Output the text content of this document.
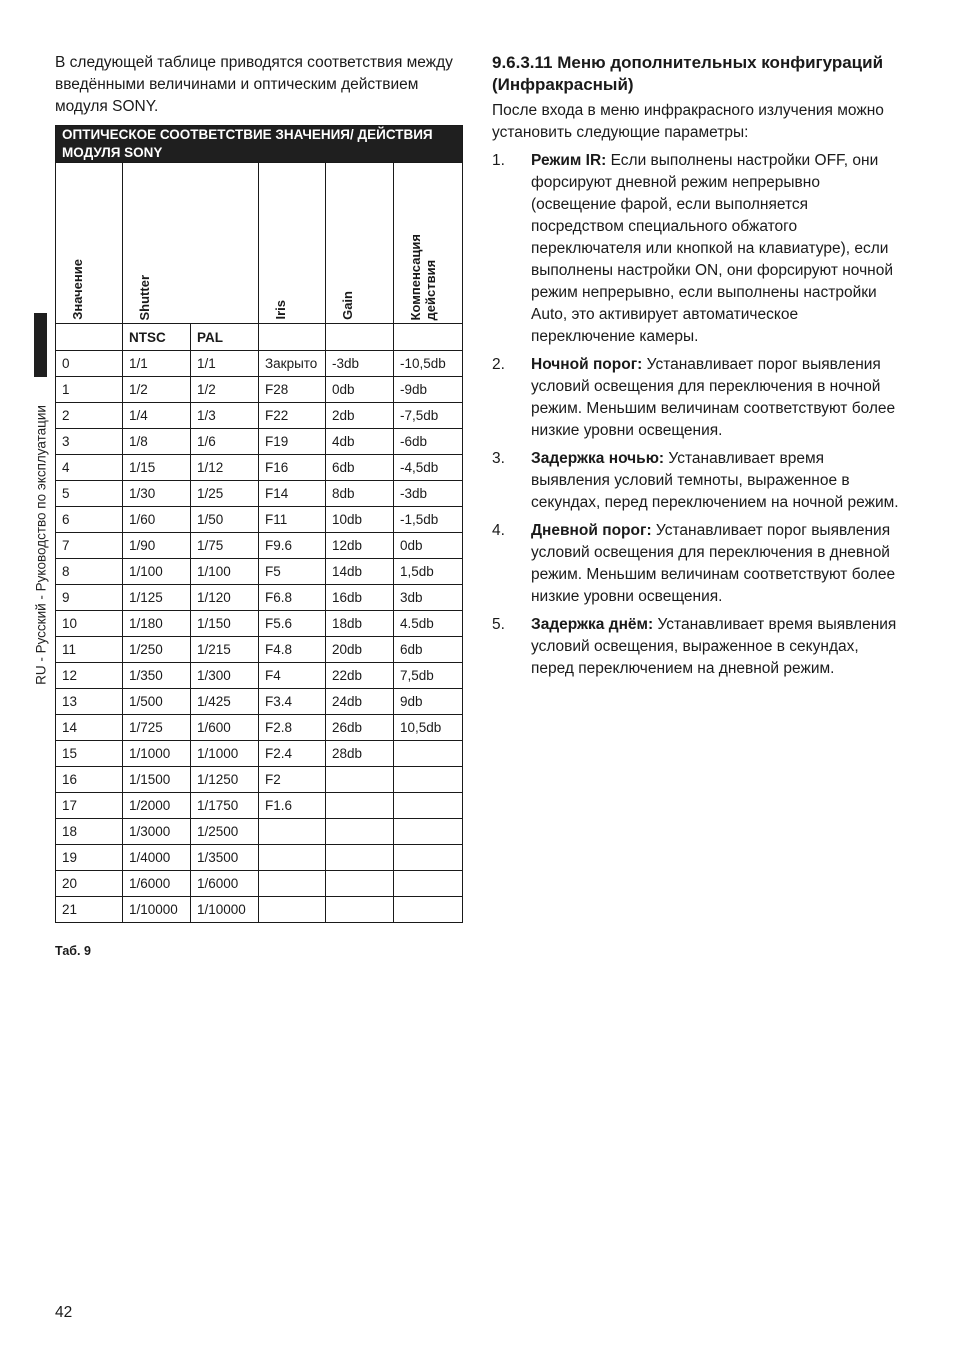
RU - Русский - Руководство по эксплуатации

В следующей таблице приводятся соответствия между введёнными величинами и оптическим действием модуля SONY.

ОПТИЧЕСКОЕ СООТВЕТСТВИЕ ЗНАЧЕНИЯ/ ДЕЙСТВИЯ МОДУЛЯ SONY					
Значение	Shutter		Iris	Gain	Компенсация
действия
	NTSC	PAL			
0	1/1	1/1	Закрыто	-3db	-10,5db
1	1/2	1/2	F28	0db	-9db
2	1/4	1/3	F22	2db	-7,5db
3	1/8	1/6	F19	4db	-6db
4	1/15	1/12	F16	6db	-4,5db
5	1/30	1/25	F14	8db	-3db
6	1/60	1/50	F11	10db	-1,5db
7	1/90	1/75	F9.6	12db	0db
8	1/100	1/100	F5	14db	1,5db
9	1/125	1/120	F6.8	16db	3db
10	1/180	1/150	F5.6	18db	4.5db
11	1/250	1/215	F4.8	20db	6db
12	1/350	1/300	F4	22db	7,5db
13	1/500	1/425	F3.4	24db	9db
14	1/725	1/600	F2.8	26db	10,5db
15	1/1000	1/1000	F2.4	28db	
16	1/1500	1/1250	F2		
17	1/2000	1/1750	F1.6		
18	1/3000	1/2500			
19	1/4000	1/3500			
20	1/6000	1/6000			
21	1/10000	1/10000			
Таб. 9
9.6.3.11 Меню дополнительных конфигураций (Инфракрасный)

После входа в меню инфракрасного излучения можно установить следующие параметры:

1. Режим IR: Если выполнены настройки OFF, они форсируют дневной режим непрерывно (освещение фарой, если выполняется посредством специального обжатого переключателя или кнопкой на клавиатуре), если выполнены настройки ON, они форсируют ночной режим непрерывно, если выполнены настройки Auto, это активирует автоматическое переключение камеры.
2. Ночной порог: Устанавливает порог выявления условий освещения для переключения в ночной режим. Меньшим величинам соответствуют более низкие уровни освещения.
3. Задержка ночью: Устанавливает время выявления условий темноты, выраженное в секундах, перед переключением на ночной режим.
4. Дневной порог: Устанавливает порог выявления условий освещения для переключения в дневной режим. Меньшим величинам соответствуют более низкие уровни освещения.
5. Задержка днём: Устанавливает время выявления условий освещения, выраженное в секундах, перед переключением на дневной режим.
42
